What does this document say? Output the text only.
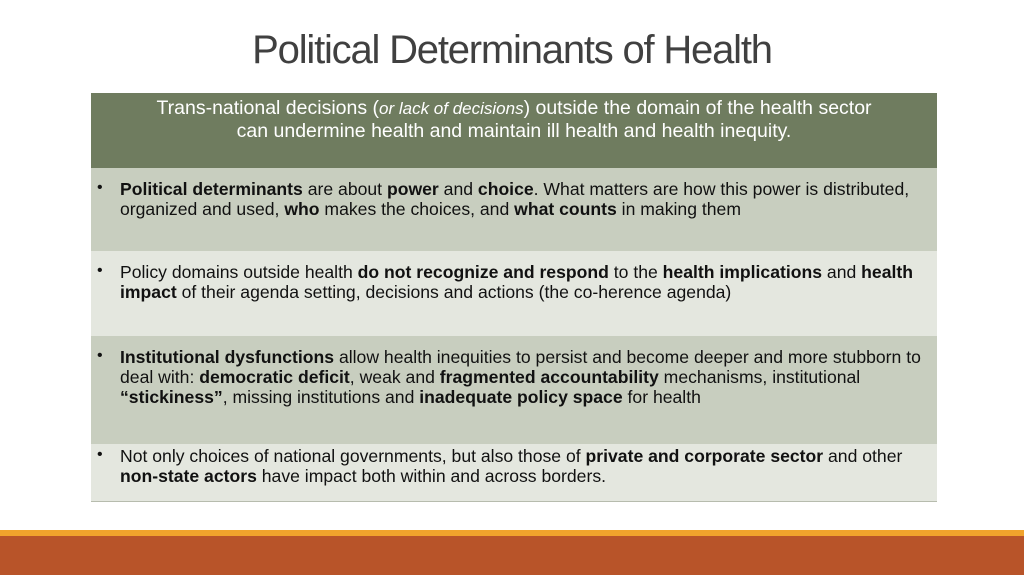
Political Determinants of Health
Trans-national decisions (or lack of decisions) outside the domain of the health sector
can undermine health and maintain ill health and health inequity.
• Political determinants are about power and choice. What matters are how this power is distributed, organized and used, who makes the choices, and what counts in making them
• Policy domains outside health do not recognize and respond to the health implications and health impact of their agenda setting, decisions and actions (the co-herence agenda)
• Institutional dysfunctions allow health inequities to persist and become deeper and more stubborn to deal with: democratic deficit, weak and fragmented accountability mechanisms, institutional “stickiness”, missing institutions and inadequate policy space for health
• Not only choices of national governments, but also those of private and corporate sector and other non-state actors have impact both within and across borders.
